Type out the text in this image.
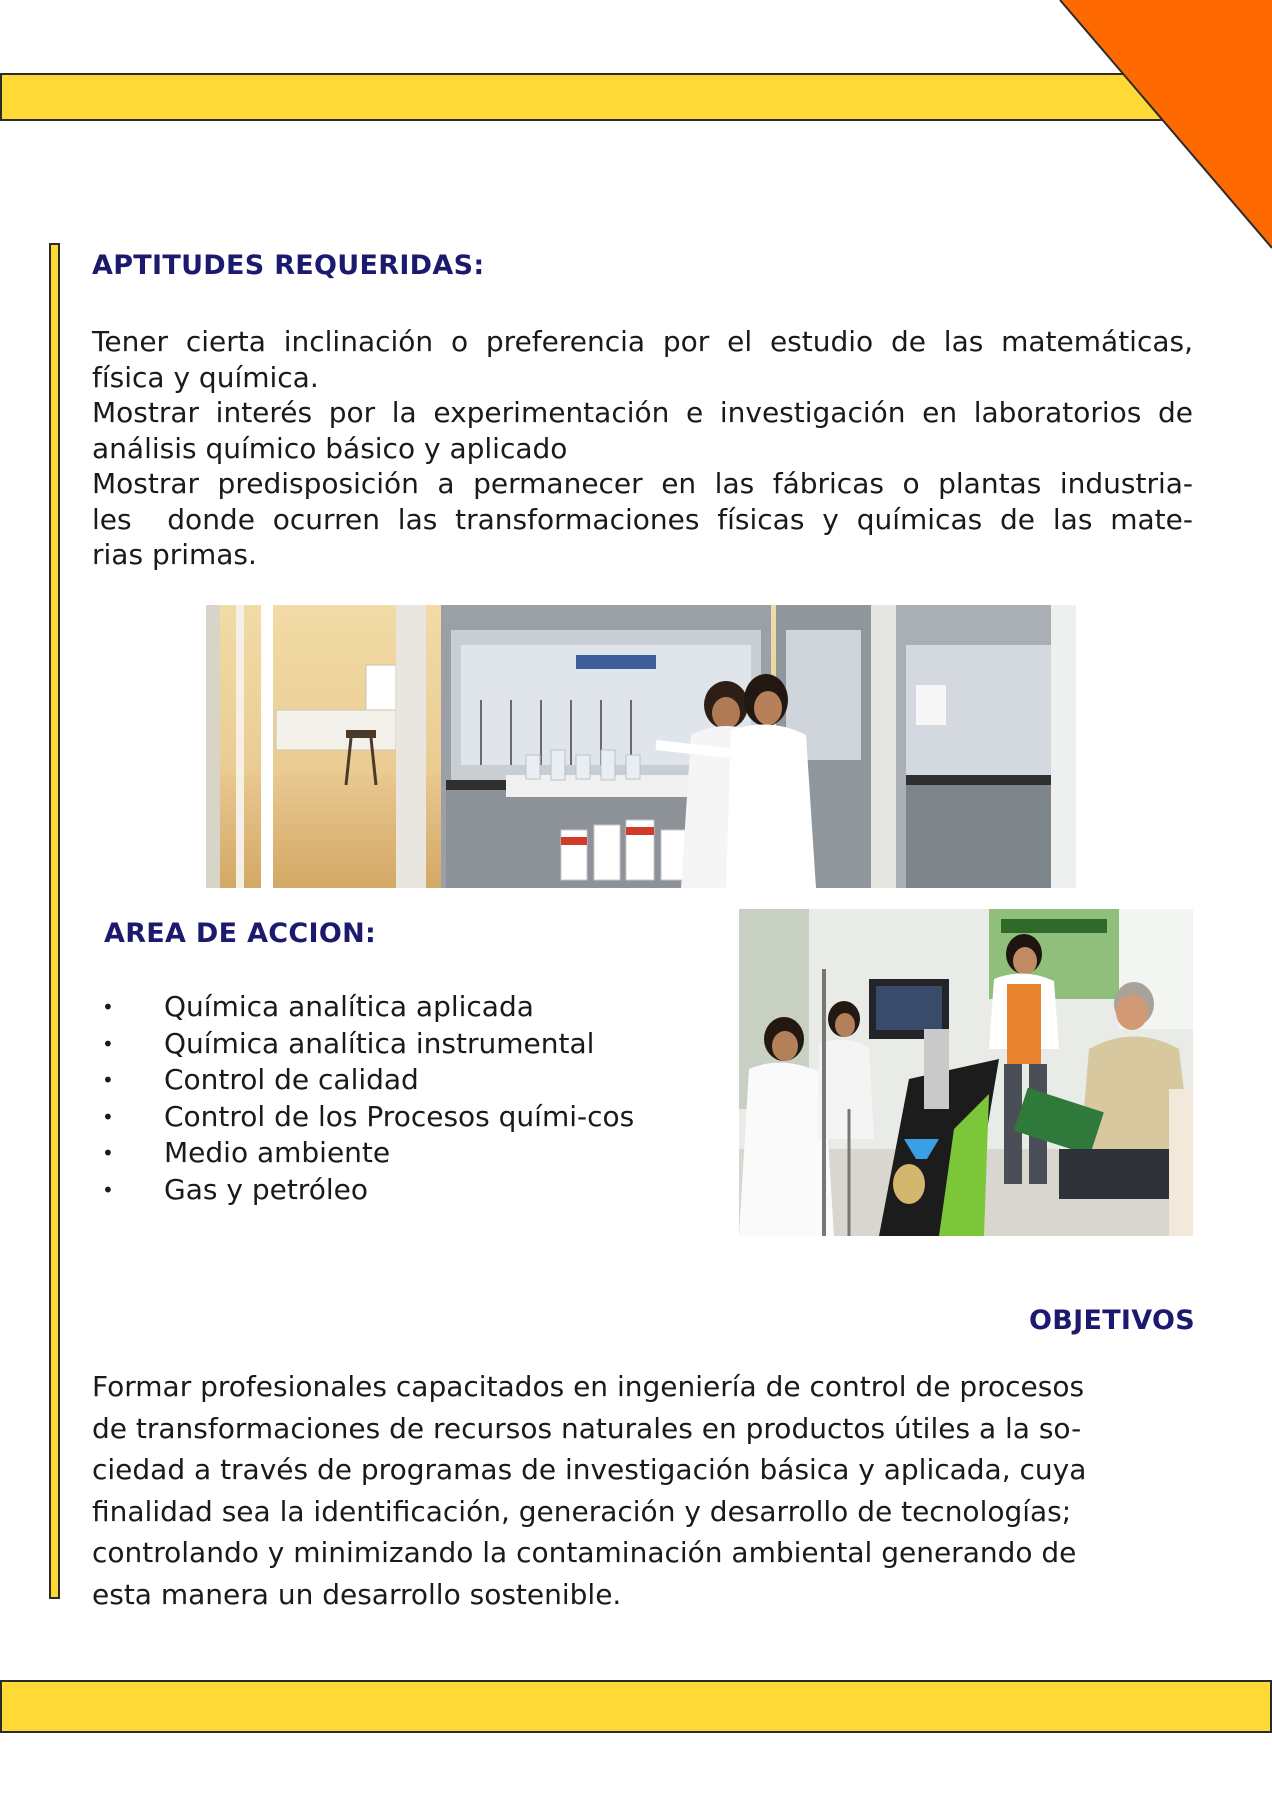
APTITUDES REQUERIDAS:

Tener cierta inclinación o preferencia por el estudio de las matemáticas,
física y química.
Mostrar interés por la experimentación e investigación en laboratorios de
análisis químico básico y aplicado
Mostrar predisposición a permanecer en las fábricas o plantas industria-
les  donde ocurren las transformaciones físicas y químicas de las mate-
rias primas.

AREA DE ACCION:
• Química analítica aplicada
• Química analítica instrumental
• Control de calidad
• Control de los Procesos quími-cos
• Medio ambiente
• Gas y petróleo
OBJETIVOS

Formar profesionales capacitados en ingeniería de control de procesos
de transformaciones de recursos naturales en productos útiles a la so-
ciedad a través de programas de investigación básica y aplicada, cuya
finalidad sea la identificación, generación y desarrollo de tecnologías;
controlando y minimizando la contaminación ambiental generando de
esta manera un desarrollo sostenible.
